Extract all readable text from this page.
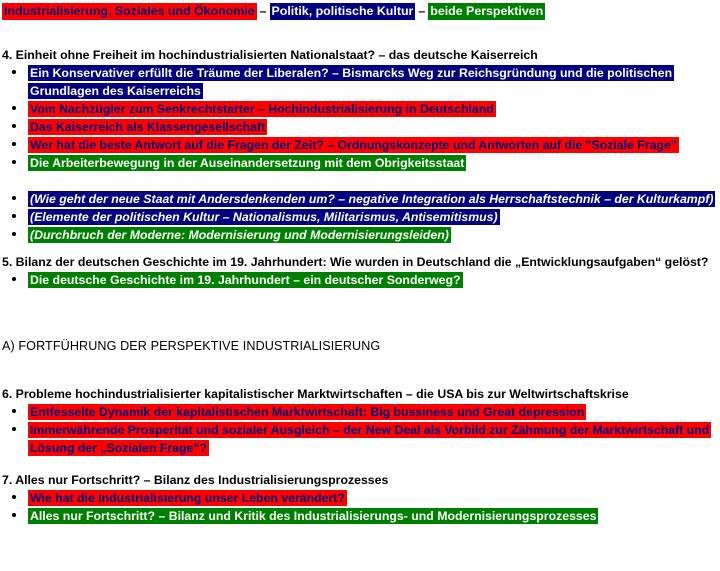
Industrialisierung, Soziales und Ökonomie – Politik, politische Kultur – beide Perspektiven
4. Einheit ohne Freiheit im hochindustrialisierten Nationalstaat? – das deutsche Kaiserreich
Ein Konservativer erfüllt die Träume der Liberalen? – Bismarcks Weg zur Reichsgründung und die politischen Grundlagen des Kaiserreichs
Vom Nachzügler zum Senkrechtstarter – Hochindustrialisierung in Deutschland
Das Kaiserreich als Klassengesellschaft
Wer hat die beste Antwort auf die Fragen der Zeit? – Ordnungskonzepte und Antworten auf die "Soziale Frage"
Die Arbeiterbewegung in der Auseinandersetzung mit dem Obrigkeitsstaat
(Wie geht der neue Staat mit Andersdenkenden um? – negative Integration als Herrschaftstechnik – der Kulturkampf)
(Elemente der politischen Kultur – Nationalismus, Militarismus, Antisemitismus)
(Durchbruch der Moderne: Modernisierung und Modernisierungsleiden)
5. Bilanz der deutschen Geschichte im 19. Jahrhundert: Wie wurden in Deutschland die „Entwicklungsaufgaben“ gelöst?
Die deutsche Geschichte im 19. Jahrhundert – ein deutscher Sonderweg?
A) FORTFÜHRUNG DER PERSPEKTIVE INDUSTRIALISIERUNG
6. Probleme hochindustrialisierter kapitalistischer Marktwirtschaften – die USA bis zur Weltwirtschaftskrise
Entfesselte Dynamik der kapitalistischen Marktwirtschaft: Big bussiness und Great depression
Immerwährende Prosperität und sozialer Ausgleich – der New Deal als Vorbild zur Zähmung der Marktwirtschaft und Lösung der „Sozialen Frage“?
7. Alles nur Fortschritt? – Bilanz des Industrialisierungsprozesses
Wie hat die Industrialisierung unser Leben verändert?
Alles nur Fortschritt? – Bilanz und Kritik des Industrialisierungs- und Modernisierungsprozesses
